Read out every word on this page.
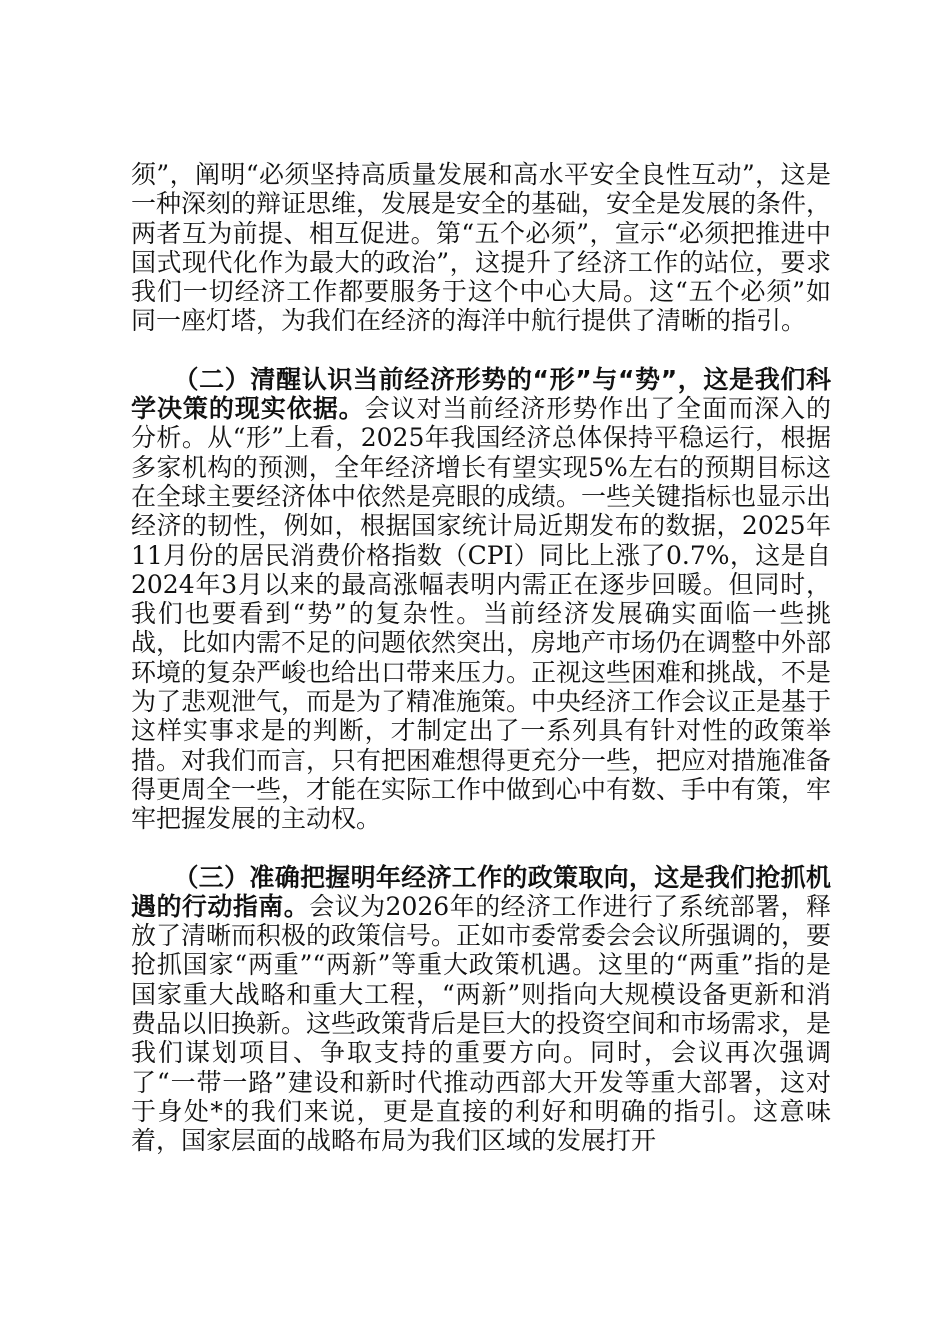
须”，阐明“必须坚持高质量发展和高水平安全良性互动”，这是一种深刻的辩证思维，发展是安全的基础，安全是发展的条件，两者互为前提、相互促进。第“五个必须”，宣示“必须把推进中国式现代化作为最大的政治”，这提升了经济工作的站位，要求我们一切经济工作都要服务于这个中心大局。这“五个必须”如同一座灯塔，为我们在经济的海洋中航行提供了清晰的指引。

（二）清醒认识当前经济形势的“形”与“势”，这是我们科学决策的现实依据。会议对当前经济形势作出了全面而深入的分析。从“形”上看，2025年我国经济总体保持平稳运行，根据多家机构的预测，全年经济增长有望实现5%左右的预期目标这在全球主要经济体中依然是亮眼的成绩。一些关键指标也显示出经济的韧性，例如，根据国家统计局近期发布的数据，2025年11月份的居民消费价格指数（CPI）同比上涨了0.7%，这是自2024年3月以来的最高涨幅表明内需正在逐步回暖。但同时，我们也要看到“势”的复杂性。当前经济发展确实面临一些挑战，比如内需不足的问题依然突出，房地产市场仍在调整中外部环境的复杂严峻也给出口带来压力。正视这些困难和挑战，不是为了悲观泄气，而是为了精准施策。中央经济工作会议正是基于这样实事求是的判断，才制定出了一系列具有针对性的政策举措。对我们而言，只有把困难想得更充分一些，把应对措施准备得更周全一些，才能在实际工作中做到心中有数、手中有策，牢牢把握发展的主动权。

（三）准确把握明年经济工作的政策取向，这是我们抢抓机遇的行动指南。会议为2026年的经济工作进行了系统部署，释放了清晰而积极的政策信号。正如市委常委会会议所强调的，要抢抓国家“两重”“两新”等重大政策机遇。这里的“两重”指的是国家重大战略和重大工程，“两新”则指向大规模设备更新和消费品以旧换新。这些政策背后是巨大的投资空间和市场需求，是我们谋划项目、争取支持的重要方向。同时，会议再次强调了“一带一路”建设和新时代推动西部大开发等重大部署，这对于身处*的我们来说，更是直接的利好和明确的指引。这意味着，国家层面的战略布局为我们区域的发展打开
